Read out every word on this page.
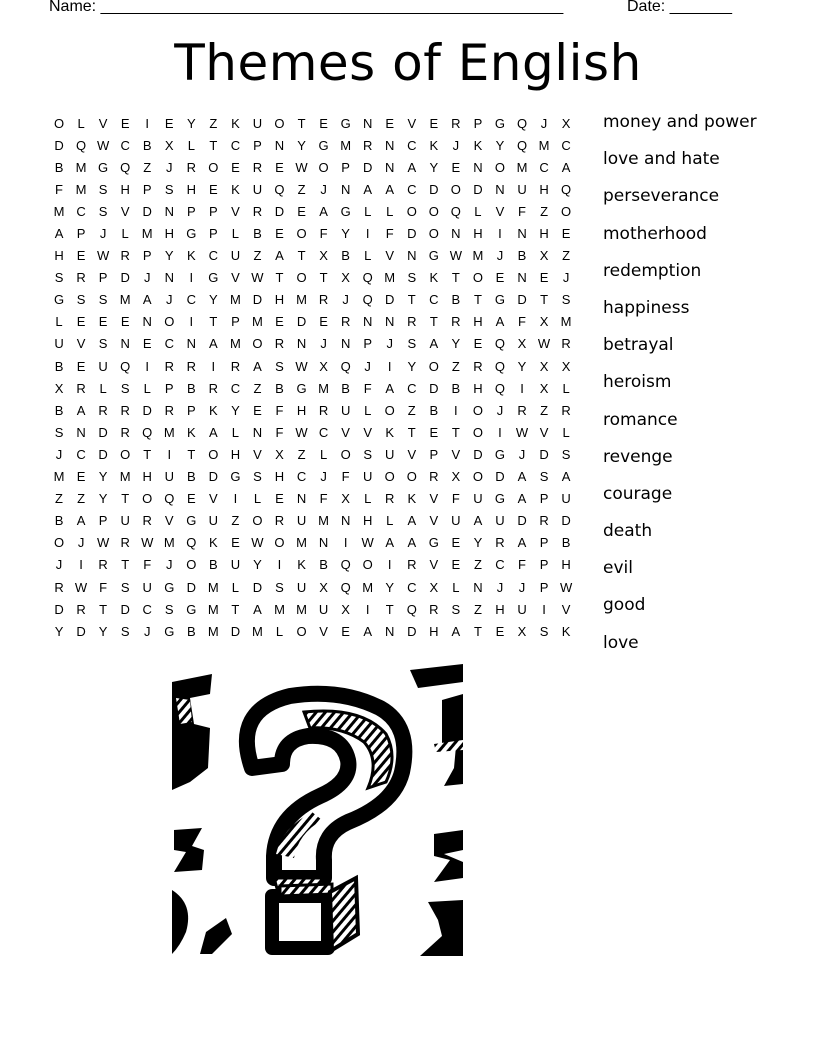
Name: ____________________________________________________	Date: _______
Themes of English
O	L	V	E	I	E	Y	Z	K	U O	T	E G N	E	V	E	R	P G Q	J	X
D Q W C	B	X	L	T	C	P	N	Y G M R N C	K	J	K	Y Q M C
B M G Q	Z	J	R O E	R	E W O P	D N	A	Y	E	N O M C	A
F M S	H	P	S	H	E	K	U Q	Z	J	N	A	A	C D O D N U H Q
M C	S	V	D N	P	P	V	R D	E	A G	L	L	O O Q	L	V	F	Z	O
A	P	J	L	M H G P	L	B	E O	F	Y	I	F	D O N H	I	N H	E
H	E W R	P	Y	K	C U	Z	A	T	X	B	L	V	N G W M	J	B	X	Z
S	R	P	D	J	N	I	G V W T	O	T	X Q M S	K	T	O E	N	E	J
G S	S M A	J	C	Y M D H M R	J	Q D	T	C	B	T	G D	T	S
L	E	E	E	N O	I	T	P M E	D	E	R N N R	T	R H	A	F	X M
U	V	S	N	E	C N	A M O R N	J	N	P	J	S	A	Y	E Q X W R
B	E	U Q	I	R R	I	R	A	S W X Q	J	I	Y O	Z	R Q Y	X	X
X	R	L	S	L	P	B	R C	Z	B G M B	F	A	C D	B	H Q	I	X	L
B	A	R R D R	P	K	Y	E	F	H R U	L	O	Z	B	I	O	J	R	Z	R
S	N D R Q M K	A	L	N	F W C	V	V	K	T	E	T	O	I	W V	L
J	C D O	T	I	T	O H	V	X	Z	L	O S	U	V	P	V	D G	J	D	S
M E	Y M H U	B	D G S	H C	J	F	U O O R	X O D	A	S	A
Z	Z	Y	T	O Q E	V	I	L	E	N	F	X	L	R	K	V	F	U G A	P	U
B	A	P	U R	V G U	Z	O R U M N H	L	A	V	U	A	U D R D
O	J W R W M Q K	E W O M N	I	W A	A G E	Y	R	A	P	B
J	I	R	T	F	J	O B	U	Y	I	K	B Q O	I	R	V	E	Z	C	F	P	H
R W F	S	U G D M	L	D	S	U	X Q M Y	C	X	L	N	J	J	P W
D R	T	D C	S G M T	A M M U	X	I	T	Q R	S	Z	H U	I	V
Y	D	Y	S	J	G B M D M	L	O V	E	A	N D H	A	T	E	X	S	K
money and power
love and hate
perseverance
motherhood
redemption
happiness
betrayal
heroism
romance
revenge
courage
death
evil
good
love
